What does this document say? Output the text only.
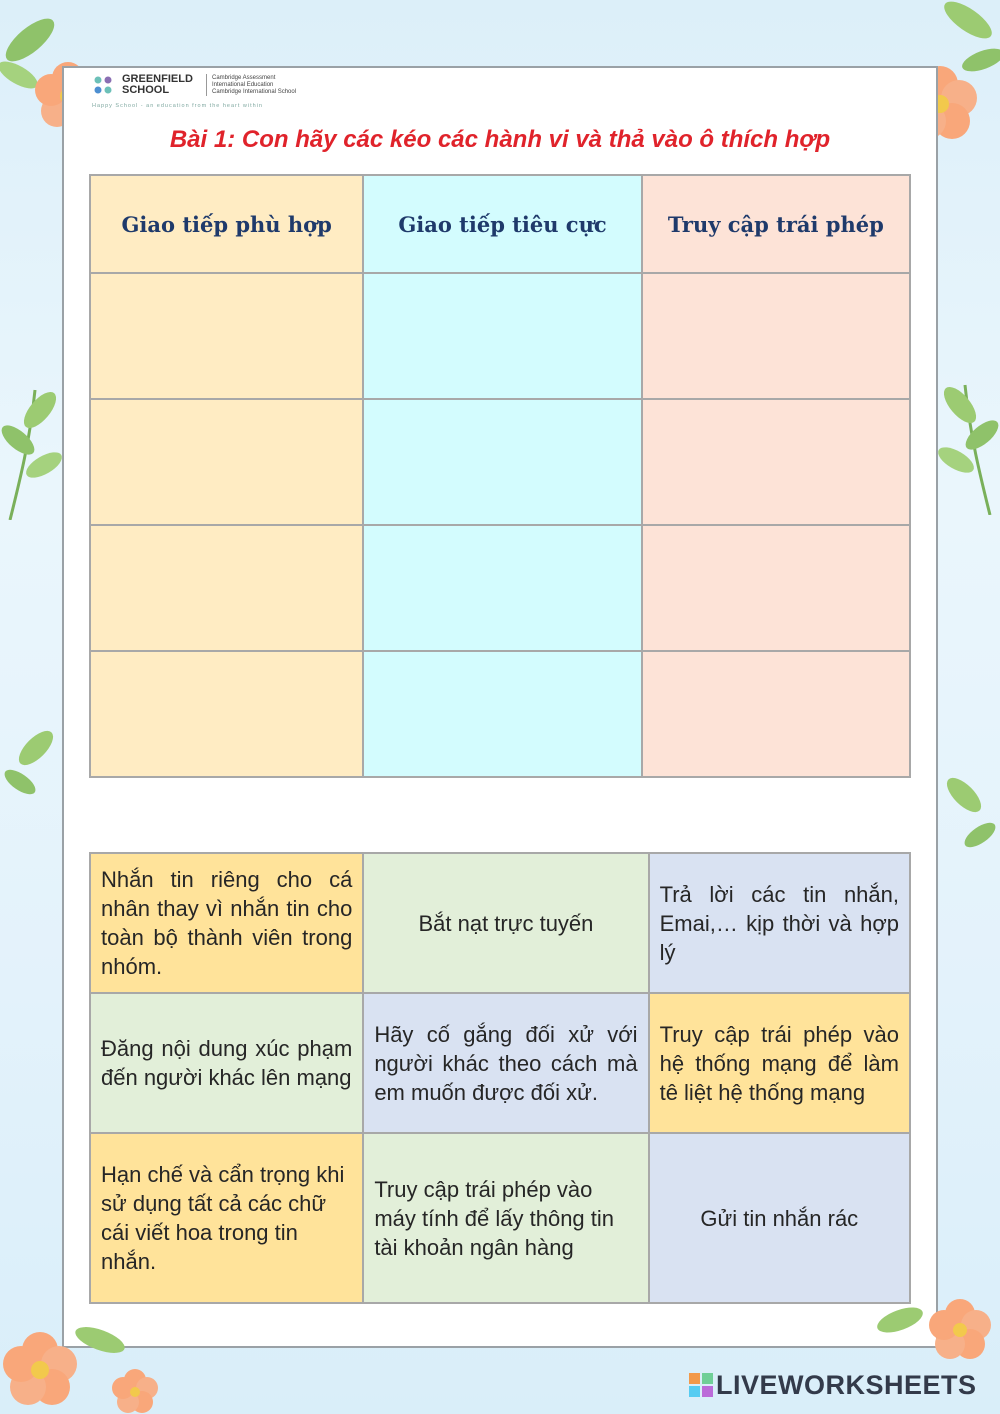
GREENFIELD
SCHOOL
Cambridge Assessment
International Education
Cambridge International School
Happy School - an education from the heart within
Bài 1: Con hãy các kéo các hành vi và thả vào ô thích hợp
Giao tiếp phù hợp	Giao tiếp tiêu cực	Truy cập trái phép

Nhắn tin riêng cho cá nhân thay vì nhắn tin cho toàn bộ thành viên trong nhóm.	Bắt nạt trực tuyến	Trả lời các tin nhắn, Emai,… kịp thời và hợp lý
Đăng nội dung xúc phạm đến người khác lên mạng	Hãy cố gắng đối xử với người khác theo cách mà em muốn được đối xử.	Truy cập trái phép vào hệ thống mạng để làm tê liệt hệ thống mạng
Hạn chế và cẩn trọng khi sử dụng tất cả các chữ cái viết hoa trong tin nhắn.	Truy cập trái phép vào máy tính để lấy thông tin tài khoản ngân hàng	Gửi tin nhắn rác
LIVEWORKSHEETS
